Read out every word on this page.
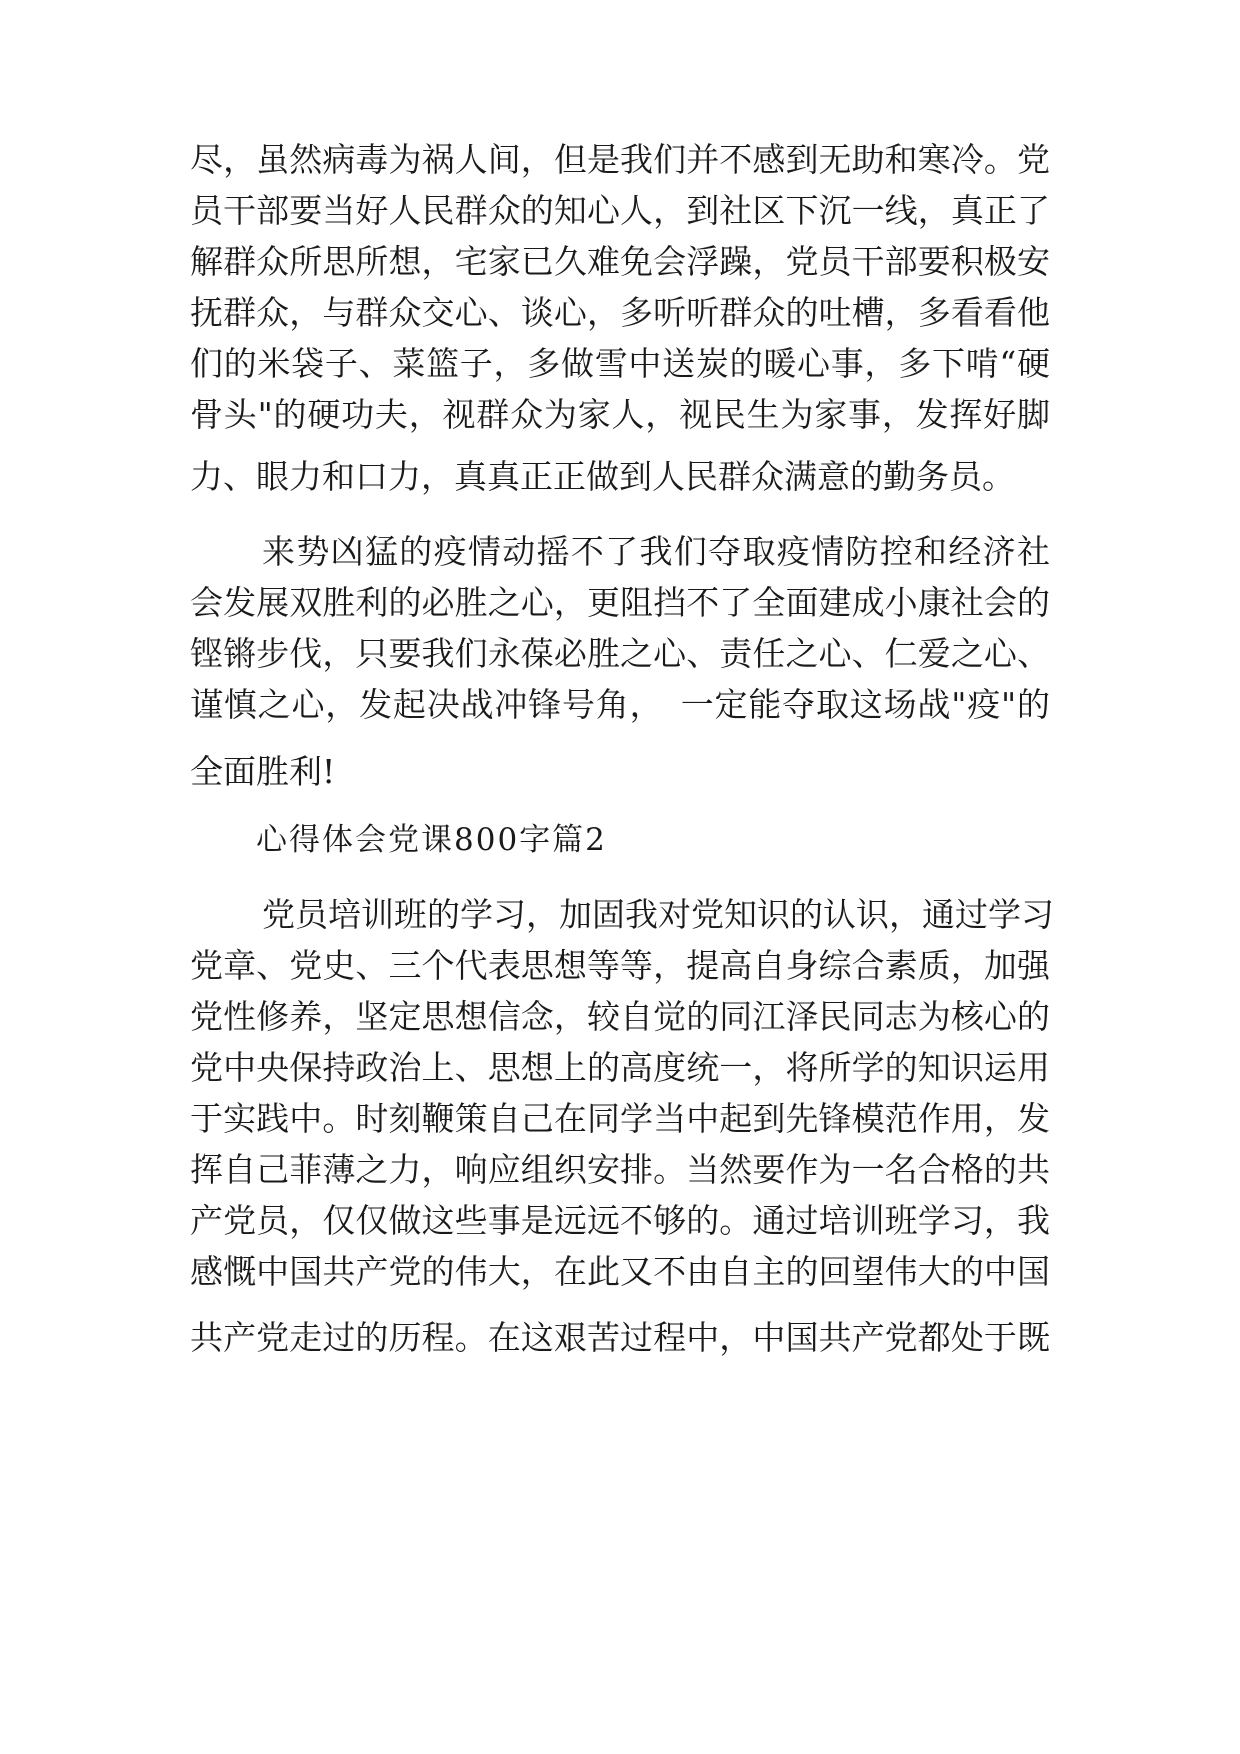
尽，虽然病毒为祸人间，但是我们并不感到无助和寒冷。党
员干部要当好人民群众的知心人，到社区下沉一线，真正了
解群众所思所想，宅家已久难免会浮躁，党员干部要积极安
抚群众，与群众交心、谈心，多听听群众的吐槽，多看看他
们的米袋子、菜篮子，多做雪中送炭的暖心事，多下啃“硬
骨头"的硬功夫，视群众为家人，视民生为家事，发挥好脚
力、眼力和口力，真真正正做到人民群众满意的勤务员。
来势凶猛的疫情动摇不了我们夺取疫情防控和经济社
会发展双胜利的必胜之心，更阻挡不了全面建成小康社会的
铿锵步伐，只要我们永葆必胜之心、责任之心、仁爱之心、
谨慎之心，发起决战冲锋号角，　一定能夺取这场战"疫"的
全面胜利!
心得体会党课800字篇2
党员培训班的学习，加固我对党知识的认识，通过学习
党章、党史、三个代表思想等等，提高自身综合素质，加强
党性修养，坚定思想信念，较自觉的同江泽民同志为核心的
党中央保持政治上、思想上的高度统一，将所学的知识运用
于实践中。时刻鞭策自己在同学当中起到先锋模范作用，发
挥自己菲薄之力，响应组织安排。当然要作为一名合格的共
产党员，仅仅做这些事是远远不够的。通过培训班学习，我
感慨中国共产党的伟大，在此又不由自主的回望伟大的中国
共产党走过的历程。在这艰苦过程中，中国共产党都处于既
